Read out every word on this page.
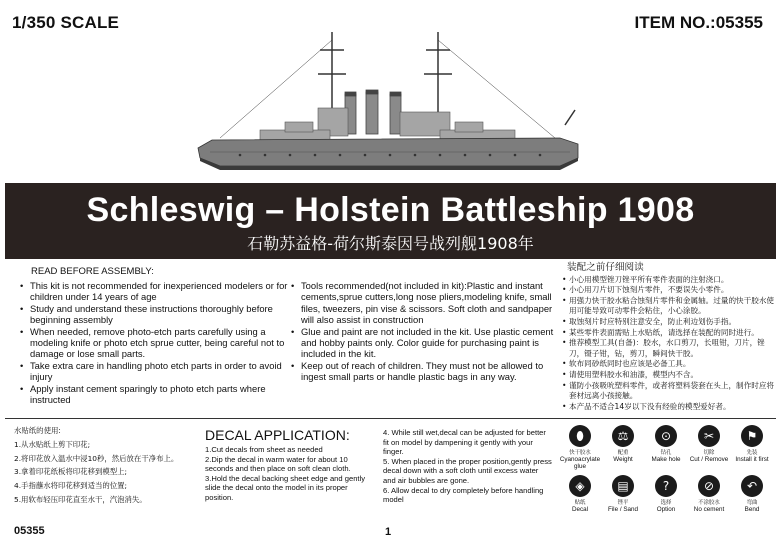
1/350 SCALE	ITEM NO.:05355
Schleswig – Holstein Battleship 1908
石勒苏益格-荷尔斯泰因号战列舰1908年
READ BEFORE ASSEMBLY:
• This kit is not recommended for inexperienced modelers or for children under 14 years of age
• Study and understand these instructions thoroughly before beginning assembly
• When needed, remove photo-etch parts carefully using a modeling knife or photo etch sprue cutter, being careful not to damage or lose small parts.
• Take extra care in handling photo etch parts in order to avoid injury
• Apply instant cement sparingly to photo etch parts where instructed
• Tools recommended(not included in kit):Plastic and instant cements,sprue cutters,long nose pliers,modeling knife, small files, tweezers, pin vise & scissors. Soft cloth and sandpaper will also assist in construction
• Glue and paint are not included in the kit. Use plastic cement and hobby paints only. Color guide for purchasing paint is included in the kit.
• Keep out of reach of children. They must not be allowed to ingest small parts or handle plastic bags in any way.
装配之前仔细阅读
• 小心用模型锉刀锉平所有零件表面的注射浇口。
• 小心用刀片切下蚀刻片零件，不要误失小零件。
• 用强力快干胶水粘合蚀刻片零件和金属轴。过量的快干胶水使用可能导致可动零件会粘住，小心涂胶。
• 取蚀刻片时应特别注意安全，防止利边划伤手指。
• 某些零件表面需贴上水贴纸，请选择在装配的同时进行。
• 推荐模型工具(自备)：胶水，水口剪刀，长咀钳，刀片，锉刀，镊子钳，钻，剪刀，瞬间快干胶。
• 软布同砂纸同时也应该是必备工具。
• 请使用塑料胶水和油漆，模型内不含。
• 谨防小孩吸吮塑料零件，或者将塑料袋套在头上，制作时应将套材远离小孩接触。
• 本产品不适合14岁以下没有经验的模型爱好者。
水贴纸的使用:
1.从水贴纸上剪下印花;
2.将印花放入温水中浸10秒，然后放在干净布上。
3.拿着印花纸板将印花移到模型上;
4.手指蘸水将印花移到适当的位置;
5.用软布轻压印花直至水干，汽泡消失。
DECAL APPLICATION:
1.Cut decals from sheet as needed
2.Dip the decal in warm water for about 10 seconds and then place on soft clean cloth.
3.Hold the decal backing sheet edge and gently slide the decal onto the model in its proper position.
4. While still wet,decal can be adjusted for better fit on model by dampening it gently with your finger.
5. When placed in the proper position,gently press decal down with a soft cloth until excess water and air bubbles are gone.
6. Allow decal to dry completely before handling model
⬮
快干胶水
Cyanoacrylate glue
⚖
配重
Weight
⊙
钻孔
Make hole
✂
切除
Cut / Remove
⚑
先装
Install it first
◈
贴纸
Decal
▤
锉平
File / Sand
?
选择
Option
⊘
不涂胶水
No cement
↶
弯曲
Bend
05355	1
